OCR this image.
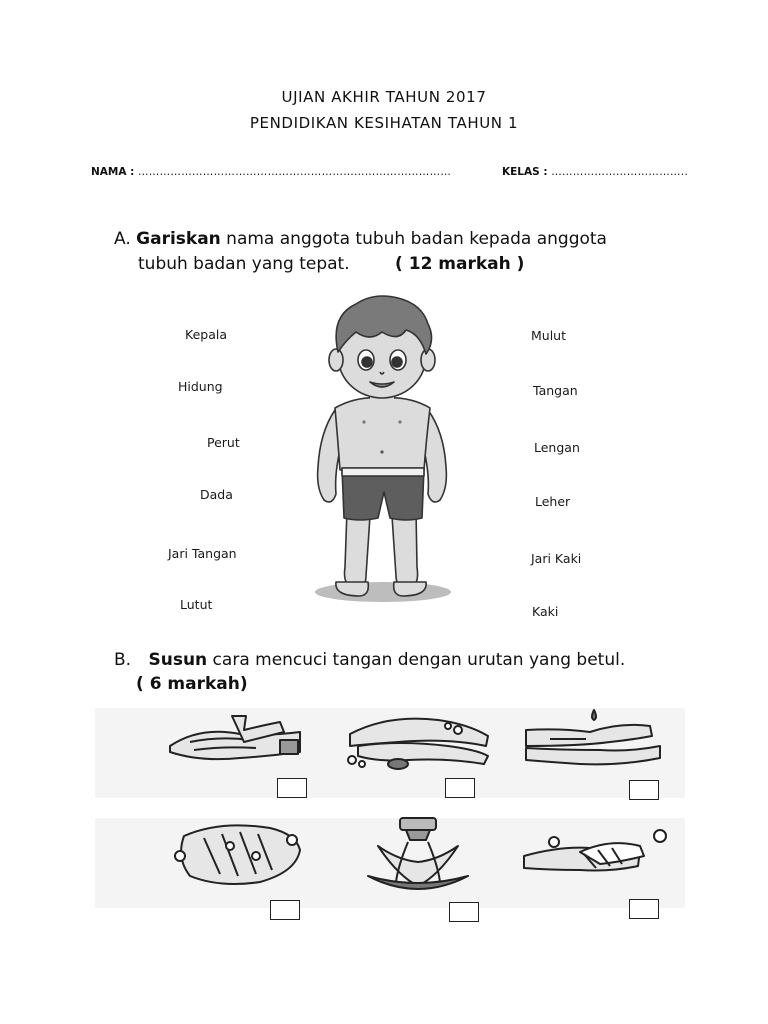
UJIAN AKHIR TAHUN 2017
PENDIDIKAN KESIHATAN TAHUN 1
NAMA : ……………………………………………………………………………	KELAS : ………………………………..
A. Gariskan nama anggota tubuh badan kepada anggota
tubuh badan yang tepat.	( 12 markah )
Kepala
Hidung
Perut
Dada
Jari Tangan
Lutut
Mulut
Tangan
Lengan
Leher
Jari Kaki
Kaki
B. Susun cara mencuci tangan dengan urutan yang betul.
( 6 markah)
